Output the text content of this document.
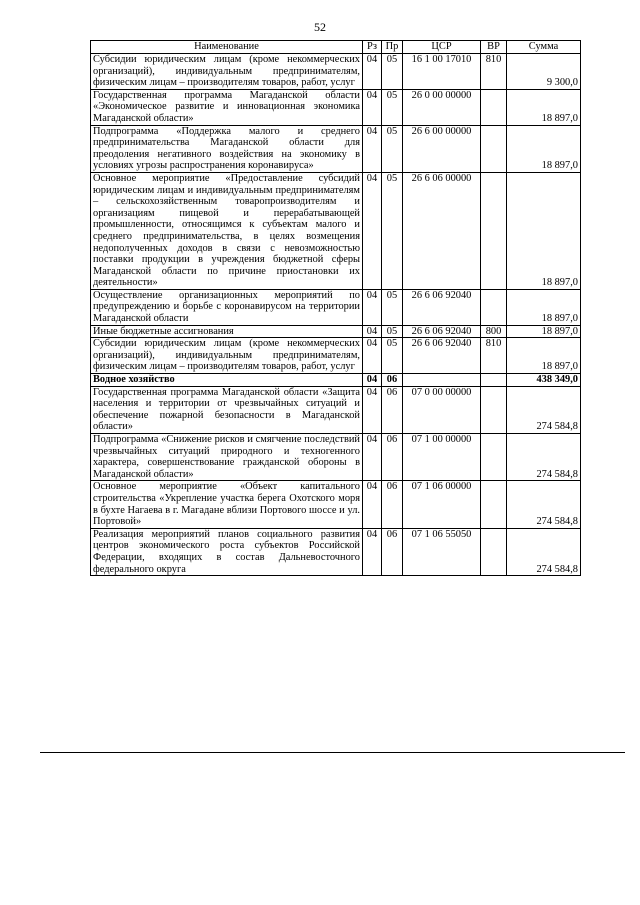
52
Наименование	Рз	Пр	ЦСР	ВР	Сумма
Субсидии юридическим лицам (кроме некоммерческих организаций), индивидуальным предпринимателям, физическим лицам – производителям товаров, работ, услуг	04	05	16 1 00 17010	810	9 300,0
Государственная программа Магаданской области «Экономическое развитие и инновационная экономика Магаданской области»	04	05	26 0 00 00000		18 897,0
Подпрограмма «Поддержка малого и среднего предпринимательства Магаданской области для преодоления негативного воздействия на экономику в условиях угрозы распространения коронавируса»	04	05	26 6 00 00000		18 897,0
Основное мероприятие «Предоставление субсидий юридическим лицам и индивидуальным предпринимателям – сельскохозяйственным товаропроизводителям и организациям пищевой и перерабатывающей промышленности, относящимся к субъектам малого и среднего предпринимательства, в целях возмещения недополученных доходов в связи с невозможностью поставки продукции в учреждения бюджетной сферы Магаданской области по причине приостановки их деятельности»	04	05	26 6 06 00000		18 897,0
Осуществление организационных мероприятий по предупреждению и борьбе с коронавирусом на территории Магаданской области	04	05	26 6 06 92040		18 897,0
Иные бюджетные ассигнования	04	05	26 6 06 92040	800	18 897,0
Субсидии юридическим лицам (кроме некоммерческих организаций), индивидуальным предпринимателям, физическим лицам – производителям товаров, работ, услуг	04	05	26 6 06 92040	810	18 897,0
Водное хозяйство	04	06			438 349,0
Государственная программа Магаданской области «Защита населения и территории от чрезвычайных ситуаций и обеспечение пожарной безопасности в Магаданской области»	04	06	07 0 00 00000		274 584,8
Подпрограмма «Снижение рисков и смягчение последствий чрезвычайных ситуаций природного и техногенного характера, совершенствование гражданской обороны в Магаданской области»	04	06	07 1 00 00000		274 584,8
Основное мероприятие «Объект капитального строительства «Укрепление участка берега Охотского моря в бухте Нагаева в г. Магадане вблизи Портового шоссе и ул. Портовой»	04	06	07 1 06 00000		274 584,8
Реализация мероприятий планов социального развития центров экономического роста субъектов Российской Федерации, входящих в состав Дальневосточного федерального округа	04	06	07 1 06 55050		274 584,8
